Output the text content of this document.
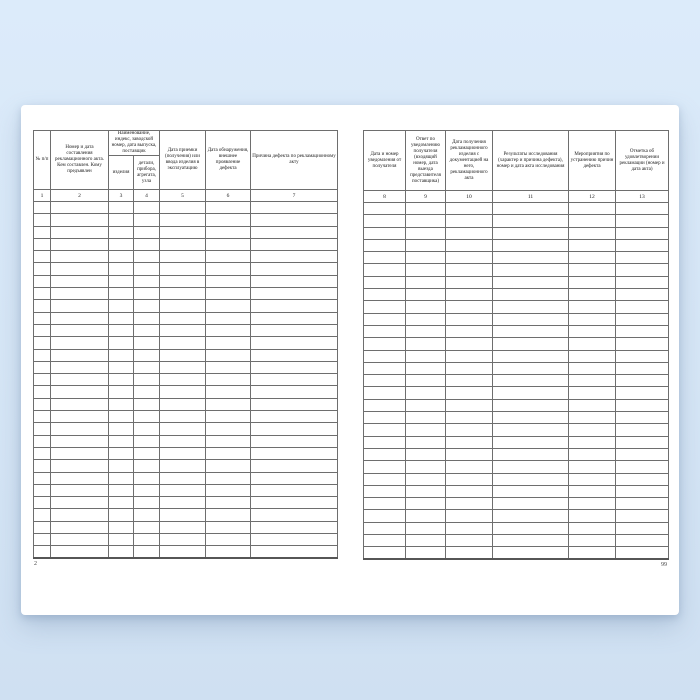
№ п/п	Номер и дата составления рекламационного акта. Кем составлен. Кому предъявлен	Наименование, индекс, заводской номер, дата выпуска, поставщик		Дата приемки (получения) или ввода изделия в эксплуатацию	Дата обнаружения, внешнее проявление дефекта	Причина дефекта по рекламационному акту
		изделия	детали, прибора, агрегата, узла			
1	2	3	4	5	6	7

2
Дата и номер уведомления от получателя	Ответ по уведомлению получателя (входящий номер, дата выезда представителя поставщика)	Дата получения рекламационного изделия с документацией на него, рекламационного акта	Результаты исследования (характер и причина дефекта), номер и дата акта исследования	Мероприятия по устранению причин дефекта	Отметка об удовлетворении рекламации (номер и дата акта)
8	9	10	11	12	13

99
